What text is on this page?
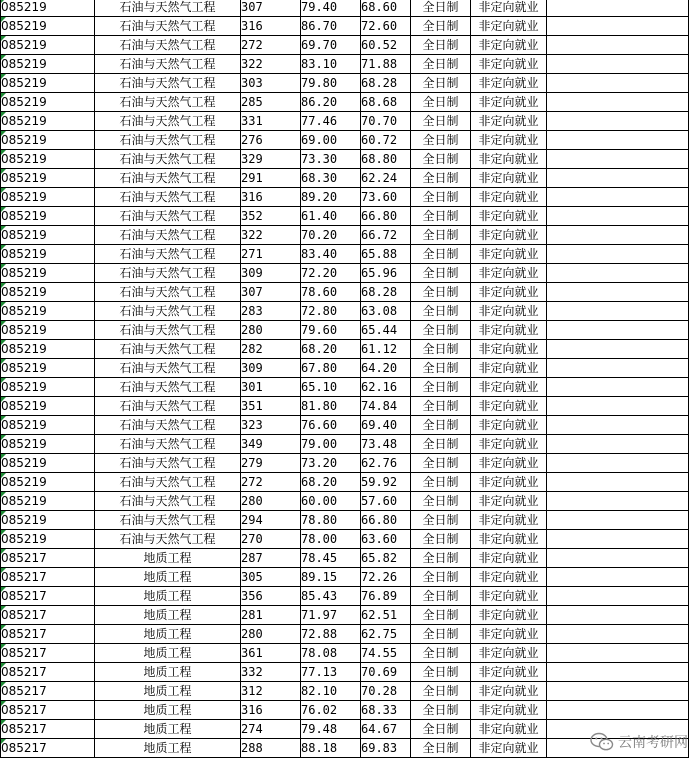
085219	石油与天然气工程	307	79.40	68.60	全日制	非定向就业	
085219	石油与天然气工程	316	86.70	72.60	全日制	非定向就业	
085219	石油与天然气工程	272	69.70	60.52	全日制	非定向就业	
085219	石油与天然气工程	322	83.10	71.88	全日制	非定向就业	
085219	石油与天然气工程	303	79.80	68.28	全日制	非定向就业	
085219	石油与天然气工程	285	86.20	68.68	全日制	非定向就业	
085219	石油与天然气工程	331	77.46	70.70	全日制	非定向就业	
085219	石油与天然气工程	276	69.00	60.72	全日制	非定向就业	
085219	石油与天然气工程	329	73.30	68.80	全日制	非定向就业	
085219	石油与天然气工程	291	68.30	62.24	全日制	非定向就业	
085219	石油与天然气工程	316	89.20	73.60	全日制	非定向就业	
085219	石油与天然气工程	352	61.40	66.80	全日制	非定向就业	
085219	石油与天然气工程	322	70.20	66.72	全日制	非定向就业	
085219	石油与天然气工程	271	83.40	65.88	全日制	非定向就业	
085219	石油与天然气工程	309	72.20	65.96	全日制	非定向就业	
085219	石油与天然气工程	307	78.60	68.28	全日制	非定向就业	
085219	石油与天然气工程	283	72.80	63.08	全日制	非定向就业	
085219	石油与天然气工程	280	79.60	65.44	全日制	非定向就业	
085219	石油与天然气工程	282	68.20	61.12	全日制	非定向就业	
085219	石油与天然气工程	309	67.80	64.20	全日制	非定向就业	
085219	石油与天然气工程	301	65.10	62.16	全日制	非定向就业	
085219	石油与天然气工程	351	81.80	74.84	全日制	非定向就业	
085219	石油与天然气工程	323	76.60	69.40	全日制	非定向就业	
085219	石油与天然气工程	349	79.00	73.48	全日制	非定向就业	
085219	石油与天然气工程	279	73.20	62.76	全日制	非定向就业	
085219	石油与天然气工程	272	68.20	59.92	全日制	非定向就业	
085219	石油与天然气工程	280	60.00	57.60	全日制	非定向就业	
085219	石油与天然气工程	294	78.80	66.80	全日制	非定向就业	
085219	石油与天然气工程	270	78.00	63.60	全日制	非定向就业	
085217	地质工程	287	78.45	65.82	全日制	非定向就业	
085217	地质工程	305	89.15	72.26	全日制	非定向就业	
085217	地质工程	356	85.43	76.89	全日制	非定向就业	
085217	地质工程	281	71.97	62.51	全日制	非定向就业	
085217	地质工程	280	72.88	62.75	全日制	非定向就业	
085217	地质工程	361	78.08	74.55	全日制	非定向就业	
085217	地质工程	332	77.13	70.69	全日制	非定向就业	
085217	地质工程	312	82.10	70.28	全日制	非定向就业	
085217	地质工程	316	76.02	68.33	全日制	非定向就业	
085217	地质工程	274	79.48	64.67	全日制	非定向就业	
085217	地质工程	288	88.18	69.83	全日制	非定向就业		云南考研网
